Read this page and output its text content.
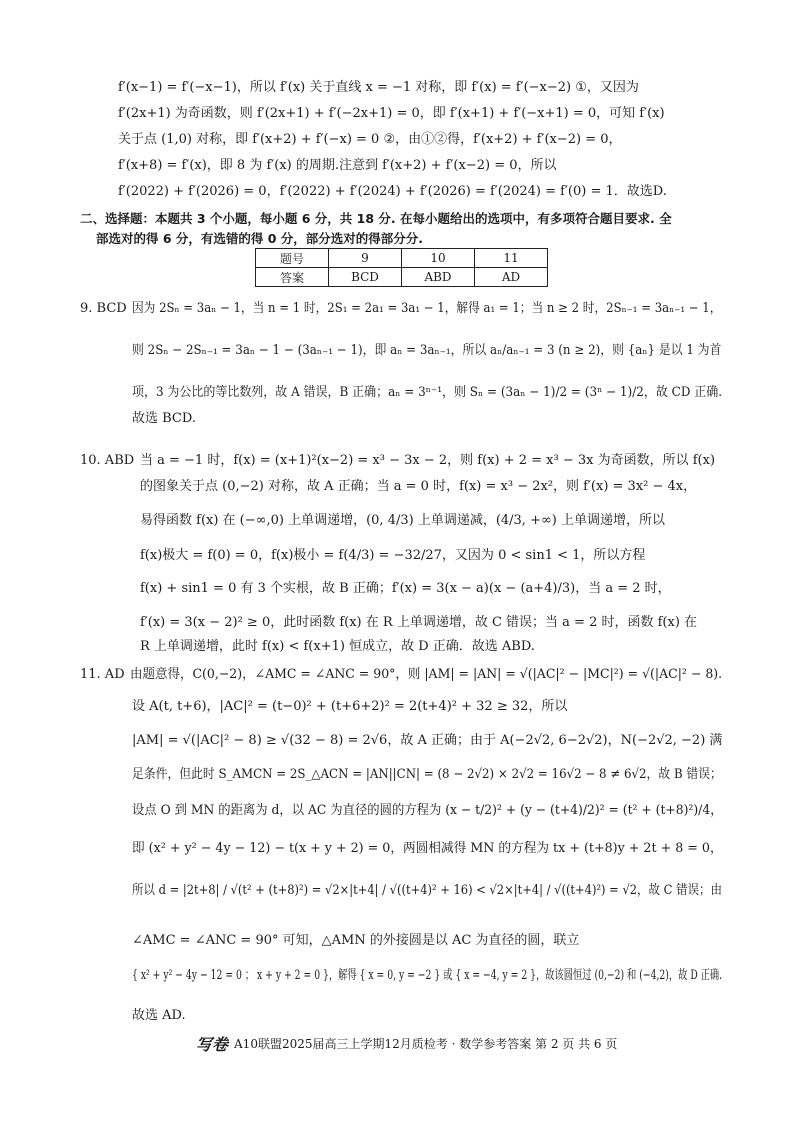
f′(x−1) = f′(−x−1)，所以 f′(x) 关于直线 x = −1 对称，即 f′(x) = f′(−x−2) ①，又因为
f′(2x+1) 为奇函数，则 f′(2x+1) + f′(−2x+1) = 0，即 f′(x+1) + f′(−x+1) = 0，可知 f′(x)
关于点 (1,0) 对称，即 f′(x+2) + f′(−x) = 0 ②，由①②得，f′(x+2) + f′(x−2) = 0，
f′(x+8) = f′(x)，即 8 为 f′(x) 的周期.注意到 f′(x+2) + f′(x−2) = 0，所以
f′(2022) + f′(2026) = 0，f′(2022) + f′(2024) + f′(2026) = f′(2024) = f′(0) = 1．故选D.
二、选择题：本题共 3 个小题，每小题 6 分，共 18 分. 在每小题给出的选项中，有多项符合题目要求. 全
部选对的得 6 分，有选错的得 0 分，部分选对的得部分分.
题号	9	10	11
答案	BCD	ABD	AD
9. BCD 因为 2Sₙ = 3aₙ − 1，当 n = 1 时，2S₁ = 2a₁ = 3a₁ − 1，解得 a₁ = 1；当 n ≥ 2 时，2Sₙ₋₁ = 3aₙ₋₁ − 1，
则 2Sₙ − 2Sₙ₋₁ = 3aₙ − 1 − (3aₙ₋₁ − 1)，即 aₙ = 3aₙ₋₁，所以 aₙ/aₙ₋₁ = 3 (n ≥ 2)，则 {aₙ} 是以 1 为首
项，3 为公比的等比数列，故 A 错误，B 正确；aₙ = 3ⁿ⁻¹，则 Sₙ = (3aₙ − 1)/2 = (3ⁿ − 1)/2，故 CD 正确.
故选 BCD.
10. ABD 当 a = −1 时，f(x) = (x+1)²(x−2) = x³ − 3x − 2，则 f(x) + 2 = x³ − 3x 为奇函数，所以 f(x)
的图象关于点 (0,−2) 对称，故 A 正确；当 a = 0 时，f(x) = x³ − 2x²，则 f′(x) = 3x² − 4x，
易得函数 f(x) 在 (−∞,0) 上单调递增，(0, 4/3) 上单调递减，(4/3, +∞) 上单调递增，所以
f(x)极大 = f(0) = 0，f(x)极小 = f(4/3) = −32/27，又因为 0 < sin1 < 1，所以方程
f(x) + sin1 = 0 有 3 个实根，故 B 正确；f′(x) = 3(x − a)(x − (a+4)/3)，当 a = 2 时，
f′(x) = 3(x − 2)² ≥ 0，此时函数 f(x) 在 R 上单调递增，故 C 错误；当 a = 2 时，函数 f(x) 在
R 上单调递增，此时 f(x) < f(x+1) 恒成立，故 D 正确．故选 ABD.
11. AD 由题意得，C(0,−2)，∠AMC = ∠ANC = 90°，则 |AM| = |AN| = √(|AC|² − |MC|²) = √(|AC|² − 8).
设 A(t, t+6)，|AC|² = (t−0)² + (t+6+2)² = 2(t+4)² + 32 ≥ 32，所以
|AM| = √(|AC|² − 8) ≥ √(32 − 8) = 2√6，故 A 正确；由于 A(−2√2, 6−2√2)，N(−2√2, −2) 满
足条件，但此时 S_AMCN = 2S_△ACN = |AN||CN| = (8 − 2√2) × 2√2 = 16√2 − 8 ≠ 6√2，故 B 错误；
设点 O 到 MN 的距离为 d，以 AC 为直径的圆的方程为 (x − t/2)² + (y − (t+4)/2)² = (t² + (t+8)²)/4，
即 (x² + y² − 4y − 12) − t(x + y + 2) = 0，两圆相减得 MN 的方程为 tx + (t+8)y + 2t + 8 = 0，
所以 d = |2t+8| / √(t² + (t+8)²) = √2×|t+4| / √((t+4)² + 16) < √2×|t+4| / √((t+4)²) = √2，故 C 错误；由
∠AMC = ∠ANC = 90° 可知，△AMN 的外接圆是以 AC 为直径的圆，联立
{ x² + y² − 4y − 12 = 0 ； x + y + 2 = 0 }，解得 { x = 0, y = −2 } 或 { x = −4, y = 2 }，故该圆恒过 (0,−2) 和 (−4,2)，故 D 正确.
故选 AD.
写卷 A10联盟2025届高三上学期12月质检考 · 数学参考答案 第 2 页 共 6 页
